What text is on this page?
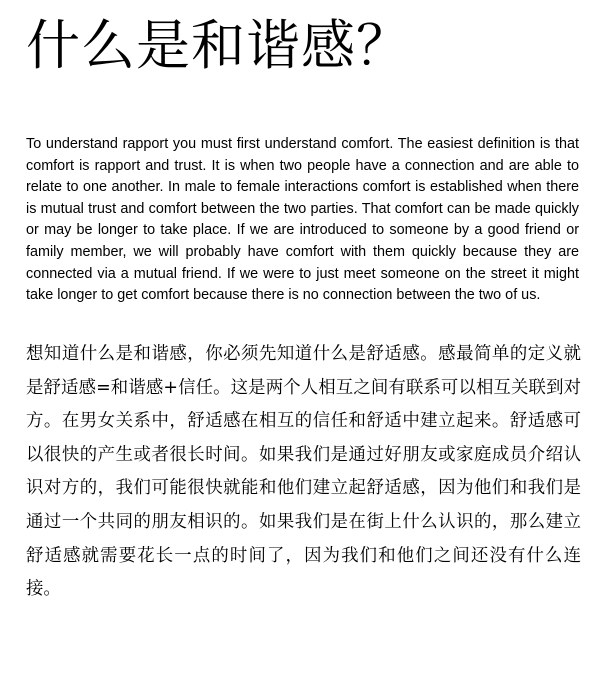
什么是和谐感？

To understand rapport you must first understand comfort. The easiest definition is that comfort is rapport and trust. It is when two people have a connection and are able to relate to one another. In male to female interactions comfort is established when there is mutual trust and comfort between the two parties. That comfort can be made quickly or may be longer to take place. If we are introduced to someone by a good friend or family member, we will probably have comfort with them quickly because they are connected via a mutual friend. If we were to just meet someone on the street it might take longer to get comfort because there is no connection between the two of us.

想知道什么是和谐感，你必须先知道什么是舒适感。感最简单的定义就是舒适感=和谐感+信任。这是两个人相互之间有联系可以相互关联到对方。在男女关系中，舒适感在相互的信任和舒适中建立起来。舒适感可以很快的产生或者很长时间。如果我们是通过好朋友或家庭成员介绍认识对方的，我们可能很快就能和他们建立起舒适感，因为他们和我们是通过一个共同的朋友相识的。如果我们是在街上什么认识的，那么建立舒适感就需要花长一点的时间了，因为我们和他们之间还没有什么连接。
